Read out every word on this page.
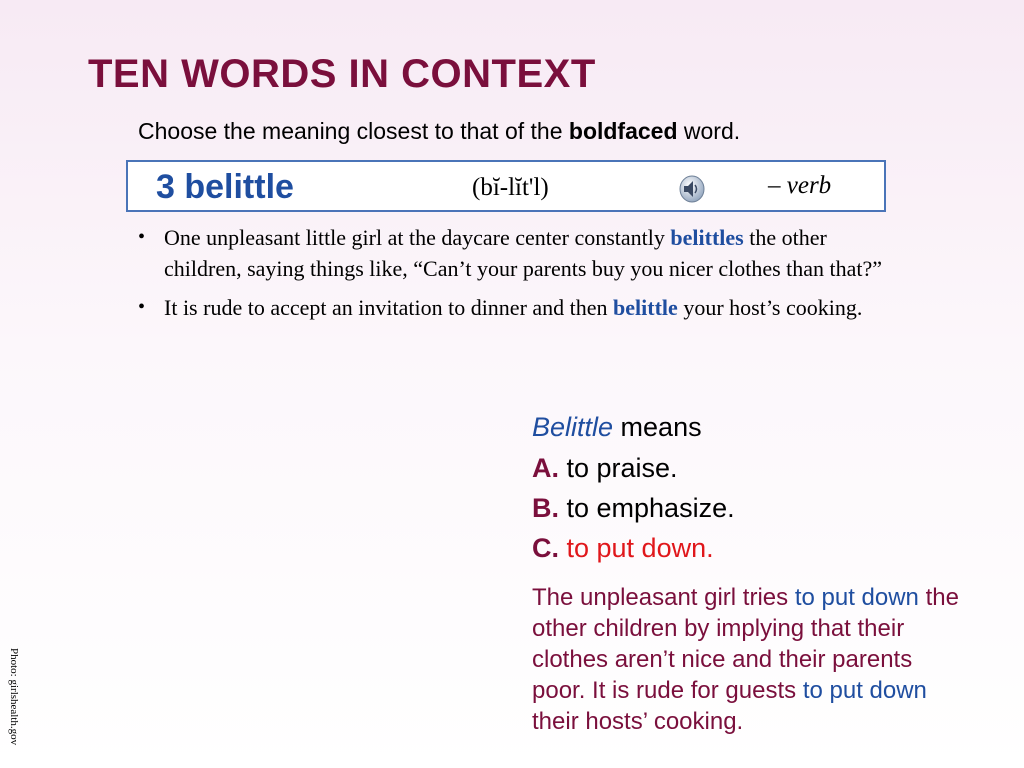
TEN WORDS IN CONTEXT
Choose the meaning closest to that of the boldfaced word.
3 belittle	(bĭ-lĭt'l)	– verb
• One unpleasant little girl at the daycare center constantly belittles the other children, saying things like, “Can’t your parents buy you nicer clothes than that?”
• It is rude to accept an invitation to dinner and then belittle your host’s cooking.
Belittle means
A. to praise.
B. to emphasize.
C. to put down.
The unpleasant girl tries to put down the other children by implying that their clothes aren’t nice and their parents poor. It is rude for guests to put down their hosts’ cooking.
Photo: girlshealth.gov
